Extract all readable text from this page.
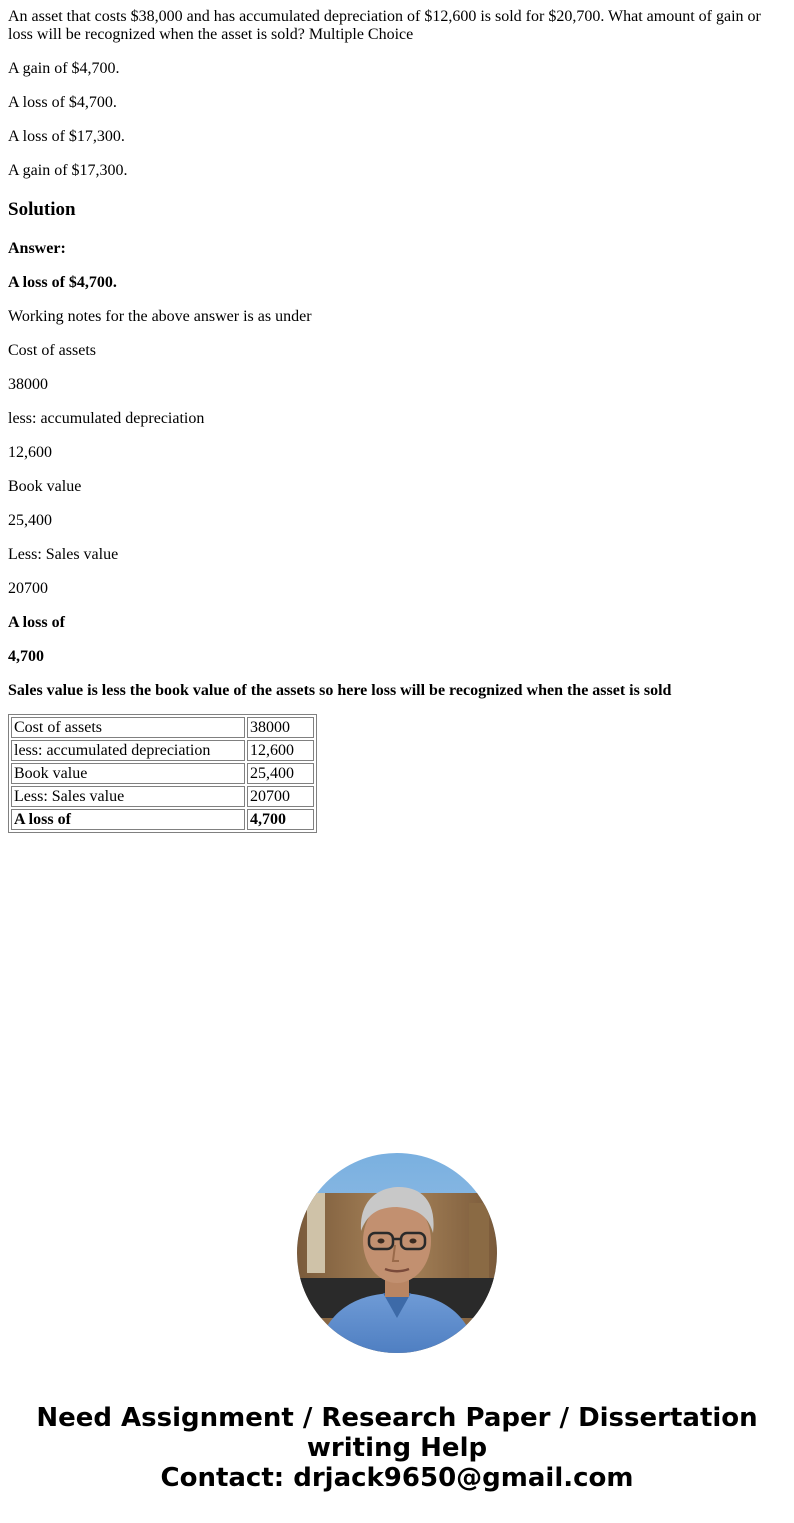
An asset that costs $38,000 and has accumulated depreciation of $12,600 is sold for $20,700. What amount of gain or loss will be recognized when the asset is sold? Multiple Choice

A gain of $4,700.

A loss of $4,700.

A loss of $17,300.

A gain of $17,300.

Solution

Answer:

A loss of $4,700.

Working notes for the above answer is as under

Cost of assets

38000

less: accumulated depreciation

12,600

Book value

25,400

Less: Sales value

20700

A loss of

4,700

Sales value is less the book value of the assets so here loss will be recognized when the asset is sold

Cost of assets	38000
less: accumulated depreciation	12,600
Book value	25,400
Less: Sales value	20700
A loss of	4,700
Need Assignment / Research Paper / Dissertation
writing Help
Contact: drjack9650@gmail.com
